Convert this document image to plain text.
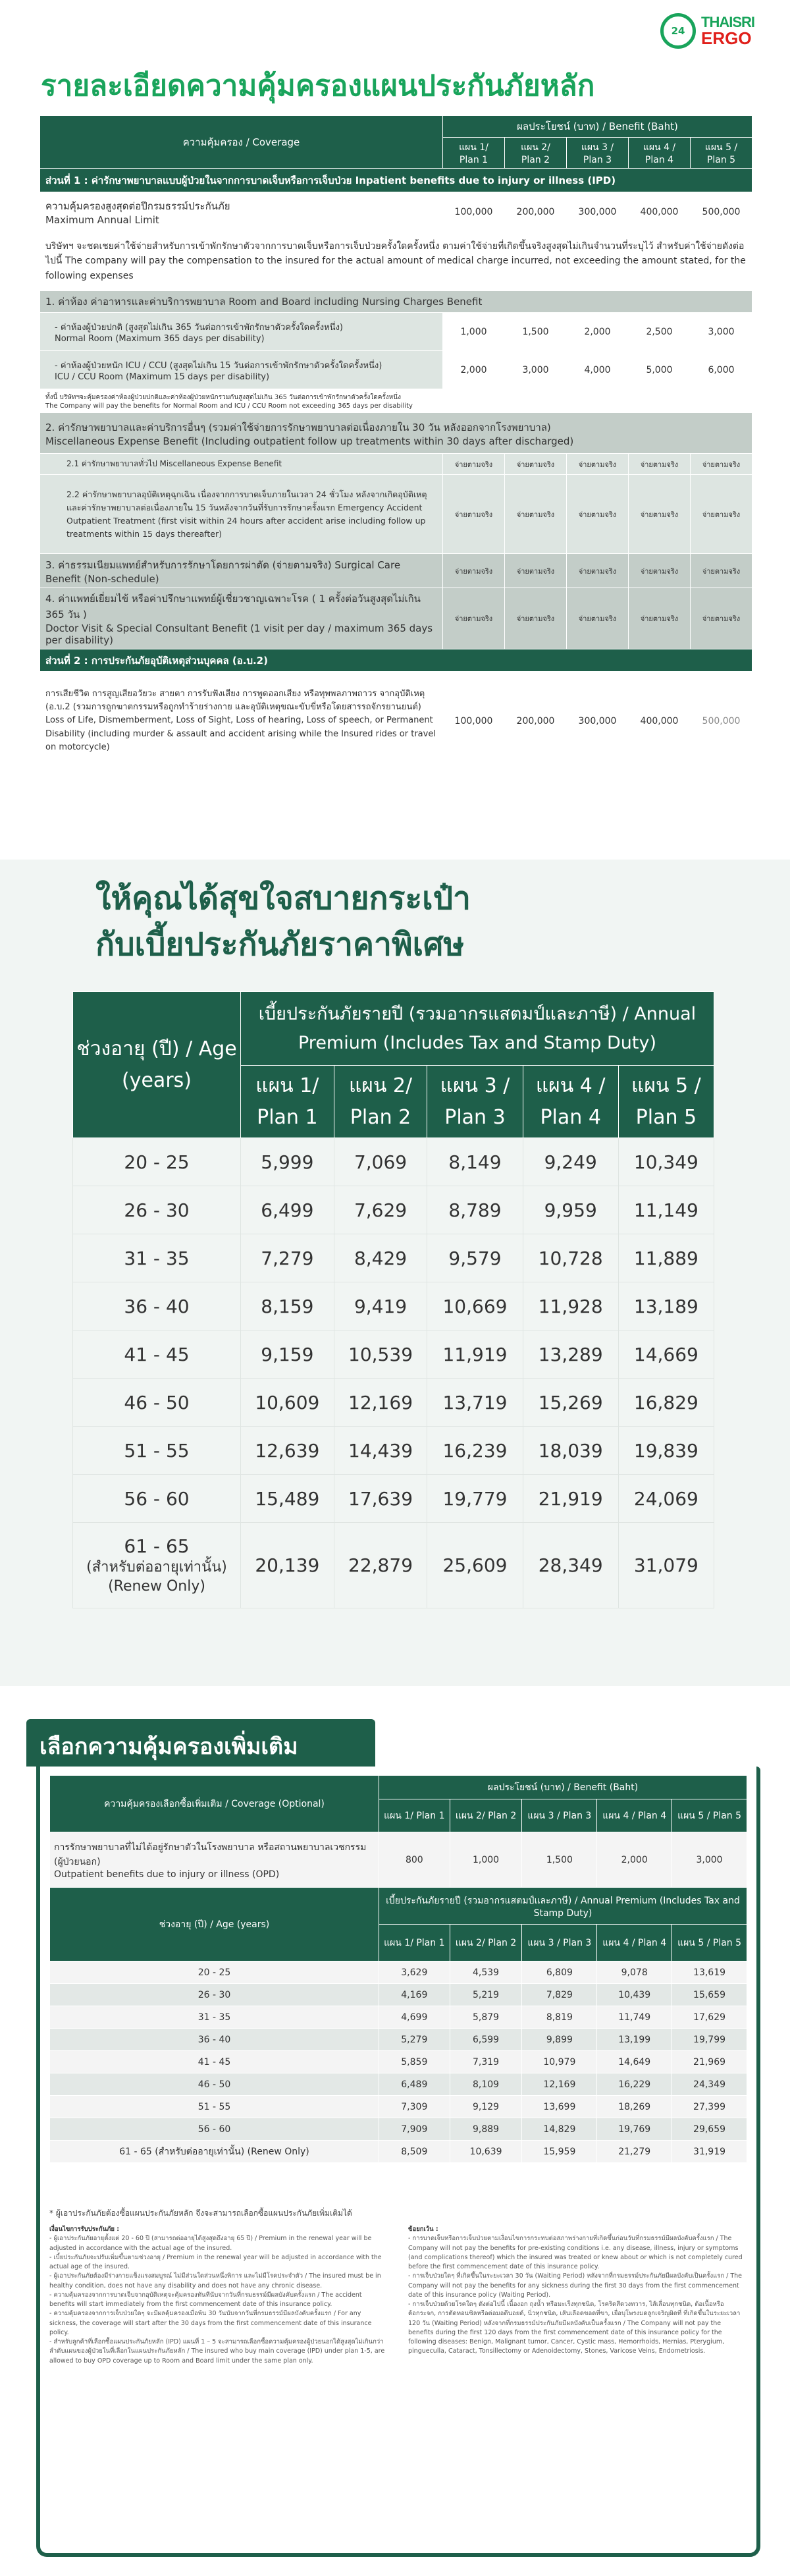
24
THAISRI
ERGO
รายละเอียดความคุ้มครองแผนประกันภัยหลัก
ความคุ้มครอง / Coverage	ผลประโยชน์ (บาท) / Benefit (Baht)				
	แผน 1/ Plan 1	แผน 2/ Plan 2	แผน 3 / Plan 3	แผน 4 / Plan 4	แผน 5 / Plan 5
ส่วนที่ 1 : ค่ารักษาพยาบาลแบบผู้ป่วยในจากการบาดเจ็บหรือการเจ็บป่วย Inpatient benefits due to injury or illness (IPD)					

ความคุ้มครองสูงสุดต่อปีกรมธรรม์ประกันภัย
Maximum Annual Limit	100,000	200,000	300,000	400,000	500,000
บริษัทฯ จะชดเชยค่าใช้จ่ายสำหรับการเข้าพักรักษาตัวจากการบาดเจ็บหรือการเจ็บป่วยครั้งใดครั้งหนึ่ง ตามค่าใช้จ่ายที่เกิดขึ้นจริงสูงสุดไม่เกินจำนวนที่ระบุไว้ สำหรับค่าใช้จ่ายดังต่อไปนี้ The company will pay the compensation to the insured for the actual amount of medical charge incurred, not exceeding the amount stated, for the following expenses					
1. ค่าห้อง ค่าอาหารและค่าบริการพยาบาล Room and Board including Nursing Charges Benefit					

- ค่าห้องผู้ป่วยปกติ (สูงสุดไม่เกิน 365 วันต่อการเข้าพักรักษาตัวครั้งใดครั้งหนึ่ง)
Normal Room (Maximum 365 days per disability)	1,000	1,500	2,000	2,500	3,000

- ค่าห้องผู้ป่วยหนัก ICU / CCU (สูงสุดไม่เกิน 15 วันต่อการเข้าพักรักษาตัวครั้งใดครั้งหนึ่ง)
ICU / CCU Room (Maximum 15 days per disability)	2,000	3,000	4,000	5,000	6,000

ทั้งนี้ บริษัทฯจะคุ้มครองค่าห้องผู้ป่วยปกติและค่าห้องผู้ป่วยหนักรวมกันสูงสุดไม่เกิน 365 วันต่อการเข้าพักรักษาตัวครั้งใดครั้งหนึ่ง
The Company will pay the benefits for Normal Room and ICU / CCU Room not exceeding 365 days per disability					

2. ค่ารักษาพยาบาลและค่าบริการอื่นๆ (รวมค่าใช้จ่ายการรักษาพยาบาลต่อเนื่องภายใน 30 วัน หลังออกจากโรงพยาบาล)
Miscellaneous Expense Benefit (Including outpatient follow up treatments within 30 days after discharged)					

2.1 ค่ารักษาพยาบาลทั่วไป Miscellaneous Expense Benefit	จ่ายตามจริง	จ่ายตามจริง	จ่ายตามจริง	จ่ายตามจริง	จ่ายตามจริง
2.2 ค่ารักษาพยาบาลอุบัติเหตุฉุกเฉิน เนื่องจากการบาดเจ็บภายในเวลา 24 ชั่วโมง หลังจากเกิดอุบัติเหตุ และค่ารักษาพยาบาลต่อเนื่องภายใน 15 วันหลังจากวันที่รับการรักษาครั้งแรก Emergency Accident Outpatient Treatment (first visit within 24 hours after accident arise including follow up treatments within 15 days thereafter)	จ่ายตามจริง	จ่ายตามจริง	จ่ายตามจริง	จ่ายตามจริง	จ่ายตามจริง
3. ค่าธรรมเนียมแพทย์สำหรับการรักษาโดยการผ่าตัด (จ่ายตามจริง) Surgical Care Benefit (Non-schedule)	จ่ายตามจริง	จ่ายตามจริง	จ่ายตามจริง	จ่ายตามจริง	จ่ายตามจริง

4. ค่าแพทย์เยี่ยมไข้ หรือค่าปรึกษาแพทย์ผู้เชี่ยวชาญเฉพาะโรค ( 1 ครั้งต่อวันสูงสุดไม่เกิน 365 วัน )
Doctor Visit & Special Consultant Benefit (1 visit per day / maximum 365 days per disability)	จ่ายตามจริง	จ่ายตามจริง	จ่ายตามจริง	จ่ายตามจริง	จ่ายตามจริง
ส่วนที่ 2 : การประกันภัยอุบัติเหตุส่วนบุคคล (อ.บ.2)					

การเสียชีวิต การสูญเสียอวัยวะ สายตา การรับฟังเสียง การพูดออกเสียง หรือทุพพลภาพถาวร จากอุบัติเหตุ (อ.บ.2 (รวมการถูกฆาตกรรมหรือถูกทำร้ายร่างกาย และอุบัติเหตุขณะขับขี่หรือโดยสารรถจักรยานยนต์)
Loss of Life, Dismemberment, Loss of Sight, Loss of hearing, Loss of speech, or Permanent Disability (including murder & assault and accident arising while the Insured rides or travel on motorcycle)	100,000	200,000	300,000	400,000	500,000
ให้คุณได้สุขใจสบายกระเป๋า
กับเบี้ยประกันภัยราคาพิเศษ
ช่วงอายุ (ปี) / Age (years)	เบี้ยประกันภัยรายปี (รวมอากรแสตมป์และภาษี) / Annual Premium (Includes Tax and Stamp Duty)				
	แผน 1/ Plan 1	แผน 2/ Plan 2	แผน 3 / Plan 3	แผน 4 / Plan 4	แผน 5 / Plan 5
20 - 25	5,999	7,069	8,149	9,249	10,349
26 - 30	6,499	7,629	8,789	9,959	11,149
31 - 35	7,279	8,429	9,579	10,728	11,889
36 - 40	8,159	9,419	10,669	11,928	13,189
41 - 45	9,159	10,539	11,919	13,289	14,669
46 - 50	10,609	12,169	13,719	15,269	16,829
51 - 55	12,639	14,439	16,239	18,039	19,839
56 - 60	15,489	17,639	19,779	21,919	24,069

61 - 65
(สำหรับต่ออายุเท่านั้น)
(Renew Only)	20,139	22,879	25,609	28,349	31,079
เลือกความคุ้มครองเพิ่มเติม
ความคุ้มครองเลือกซื้อเพิ่มเติม / Coverage (Optional)	ผลประโยชน์ (บาท) / Benefit (Baht)				
	แผน 1/ Plan 1	แผน 2/ Plan 2	แผน 3 / Plan 3	แผน 4 / Plan 4	แผน 5 / Plan 5

การรักษาพยาบาลที่ไม่ได้อยู่รักษาตัวในโรงพยาบาล หรือสถานพยาบาลเวชกรรม (ผู้ป่วยนอก)
Outpatient benefits due to injury or illness (OPD)	800	1,000	1,500	2,000	3,000
ช่วงอายุ (ปี) / Age (years)	เบี้ยประกันภัยรายปี (รวมอากรแสตมป์และภาษี) / Annual Premium (Includes Tax and Stamp Duty)				
	แผน 1/ Plan 1	แผน 2/ Plan 2	แผน 3 / Plan 3	แผน 4 / Plan 4	แผน 5 / Plan 5
20 - 25	3,629	4,539	6,809	9,078	13,619
26 - 30	4,169	5,219	7,829	10,439	15,659
31 - 35	4,699	5,879	8,819	11,749	17,629
36 - 40	5,279	6,599	9,899	13,199	19,799
41 - 45	5,859	7,319	10,979	14,649	21,969
46 - 50	6,489	8,109	12,169	16,229	24,349
51 - 55	7,309	9,129	13,699	18,269	27,399
56 - 60	7,909	9,889	14,829	19,769	29,659
61 - 65 (สำหรับต่ออายุเท่านั้น) (Renew Only)	8,509	10,639	15,959	21,279	31,919
* ผู้เอาประกันภัยต้องซื้อแผนประกันภัยหลัก จึงจะสามารถเลือกซื้อแผนประกันภัยเพิ่มเติมได้
เงื่อนไขการรับประกันภัย :
- ผู้เอาประกันภัยอายุตั้งแต่ 20 - 60 ปี (สามารถต่ออายุได้สูงสุดถึงอายุ 65 ปี) / Premium in the renewal year will be adjusted in accordance with the actual age of the insured.
- เบี้ยประกันภัยจะปรับเพิ่มขึ้นตามช่วงอายุ / Premium in the renewal year will be adjusted in accordance with the actual age of the insured.
- ผู้เอาประกันภัยต้องมีร่างกายแข็งแรงสมบูรณ์ ไม่มีส่วนใดส่วนหนึ่งพิการ และไม่มีโรคประจำตัว / The insured must be in healthy condition, does not have any disability and does not have any chronic disease.
- ความคุ้มครองจากการบาดเจ็บจากอุบัติเหตุจะคุ้มครองทันทีนับจากวันที่กรมธรรม์มีผลบังคับครั้งแรก / The accident benefits will start immediately from the first commencement date of this insurance policy.
- ความคุ้มครองจากการเจ็บป่วยใดๆ จะมีผลคุ้มครองเมื่อพ้น 30 วันนับจากวันที่กรมธรรม์มีผลบังคับครั้งแรก / For any sickness, the coverage will start after the 30 days from the first commencement date of this insurance policy.
- สำหรับลูกค้าที่เลือกซื้อแผนประกันภัยหลัก (IPD) แผนที่ 1 – 5 จะสามารถเลือกซื้อความคุ้มครองผู้ป่วยนอกได้สูงสุดไม่เกินกว่าลำดับแผนของผู้ป่วยในที่เลือกในแผนประกันภัยหลัก / The insured who buy main coverage (IPD) under plan 1-5, are allowed to buy OPD coverage up to Room and Board limit under the same plan only.
ข้อยกเว้น :
- การบาดเจ็บหรือการเจ็บป่วยตามเงื่อนไขการกระทบต่อสภาพร่างกายที่เกิดขึ้นก่อนวันที่กรมธรรม์มีผลบังคับครั้งแรก / The Company will not pay the benefits for pre-existing conditions i.e. any disease, illness, injury or symptoms (and complications thereof) which the insured was treated or knew about or which is not completely cured before the first commencement date of this insurance policy.
- การเจ็บป่วยใดๆ ที่เกิดขึ้นในระยะเวลา 30 วัน (Waiting Period) หลังจากที่กรมธรรม์ประกันภัยมีผลบังคับเป็นครั้งแรก / The Company will not pay the benefits for any sickness during the first 30 days from the first commencement date of this insurance policy (Waiting Period).
- การเจ็บป่วยด้วยโรคใดๆ ดังต่อไปนี้ เนื้องอก ถุงน้ำ หรือมะเร็งทุกชนิด, โรคริดสีดวงทวาร, ไส้เลื่อนทุกชนิด, ต้อเนื้อหรือต้อกระจก, การตัดทอนซิลหรือต่อมอดีนอยด์, นิ่วทุกชนิด, เส้นเลือดขอดที่ขา, เยื่อบุโพรงมดลูกเจริญผิดที่ ที่เกิดขึ้นในระยะเวลา 120 วัน (Waiting Period) หลังจากที่กรมธรรม์ประกันภัยมีผลบังคับเป็นครั้งแรก / The Company will not pay the benefits during the first 120 days from the first commencement date of this insurance policy for the following diseases: Benign, Malignant tumor, Cancer, Cystic mass, Hemorrhoids, Hernias, Pterygium, pingueculla, Cataract, Tonsillectomy or Adenoidectomy, Stones, Varicose Veins, Endometriosis.
